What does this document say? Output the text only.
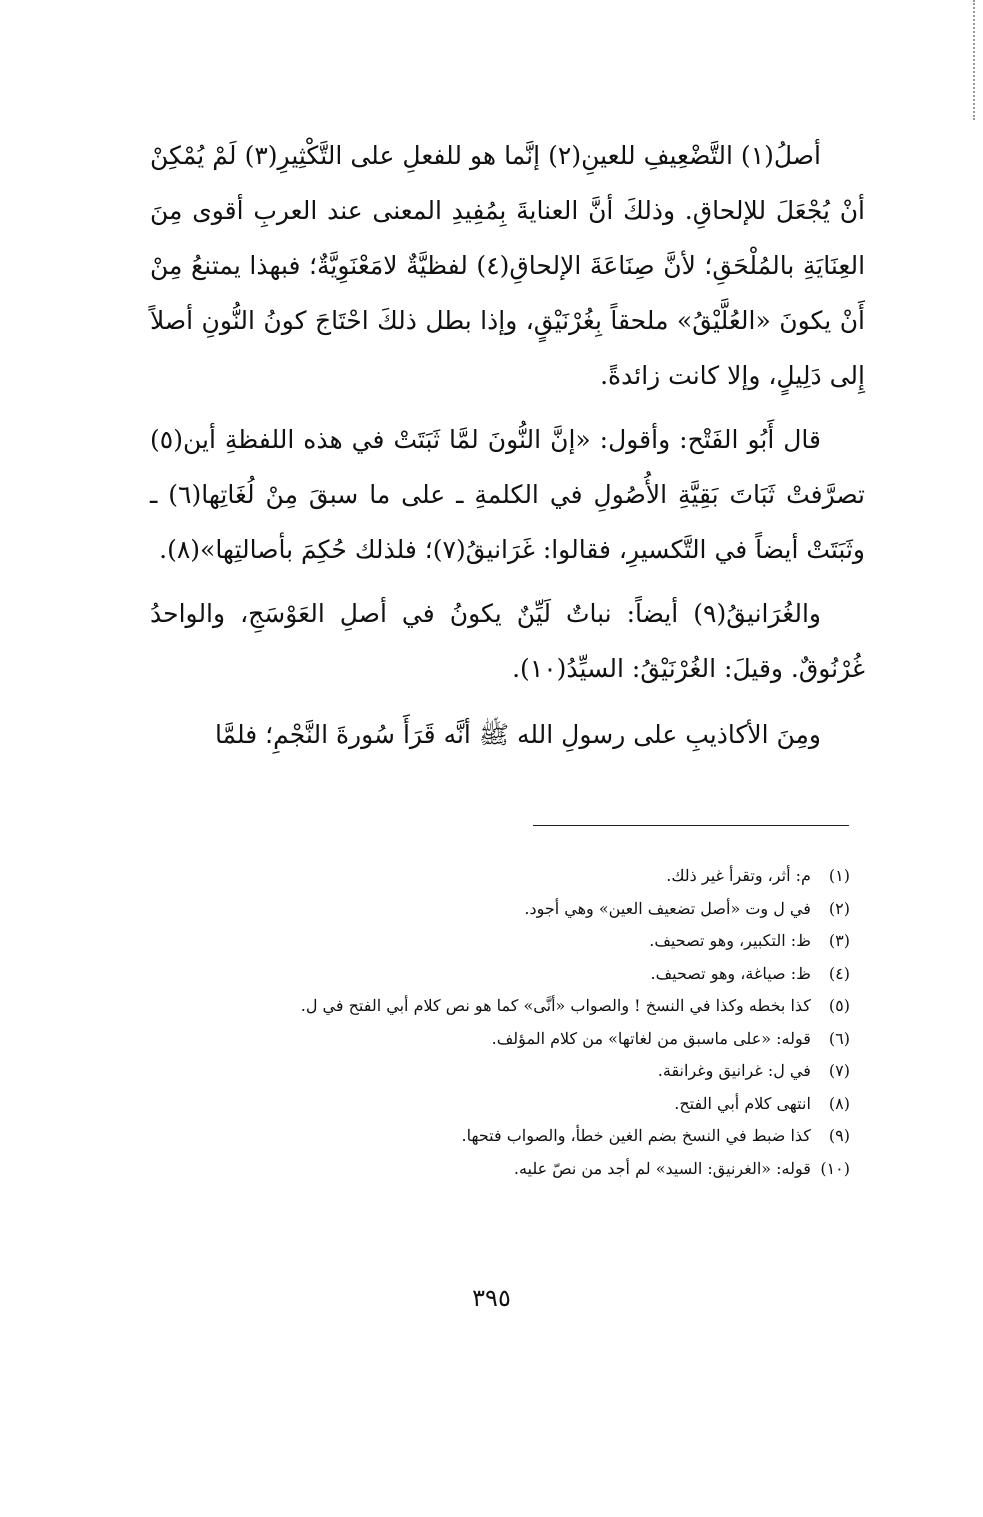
أصلُ(١) التَّضْعِيفِ للعينِ(٢) إنَّما هو للفعلِ على التَّكْثِيرِ(٣) لَمْ يُمْكِنْ أنْ يُجْعَلَ للإلحاقِ. وذلكَ أنَّ العنايةَ بِمُفِيدِ المعنى عند العربِ أقوى مِنَ العِنَايَةِ بالمُلْحَقِ؛ لأنَّ صِنَاعَةَ الإلحاقِ(٤) لفظيَّةٌ لامَعْنَوِيَّةٌ؛ فبهذا يمتنعُ مِنْ أَنْ يكونَ «العُلَّيْقُ» ملحقاً بِغُرْنَيْقٍ، وإذا بطل ذلكَ احْتَاجَ كونُ النُّونِ أصلاً إِلى دَلِيلٍ، وإلا كانت زائدةً.

قال أَبُو الفَتْح: وأقول: «إنَّ النُّونَ لمَّا ثَبَتَتْ في هذه اللفظةِ أين(٥) تصرَّفتْ ثَبَاتَ بَقِيَّةِ الأُصُولِ في الكلمةِ ـ على ما سبقَ مِنْ لُغَاتِها(٦) ـ وثَبَتَتْ أيضاً في التَّكسيرِ، فقالوا: غَرَانيقُ(٧)؛ فلذلك حُكِمَ بأصالتِها»(٨).

والغُرَانيقُ(٩) أيضاً: نباتٌ لَيِّنٌ يكونُ في أصلِ العَوْسَجِ، والواحدُ غُرْنُوقٌ. وقيلَ: الغُرْنَيْقُ: السيِّدُ(١٠).

ومِنَ الأكاذيبِ على رسولِ الله ﷺ أنَّه قَرَأَ سُورةَ النَّجْمِ؛ فلمَّا

(١) م: أثر، وتقرأ غير ذلك.
(٢) في ل وت «أصل تضعيف العين» وهي أجود.
(٣) ظ: التكبير، وهو تصحيف.
(٤) ظ: صياغة، وهو تصحيف.
(٥) كذا بخطه وكذا في النسخ ! والصواب «أنَّى» كما هو نص كلام أبي الفتح في ل.
(٦) قوله: «على ماسبق من لغاتها» من كلام المؤلف.
(٧) في ل: غرانيق وغرانقة.
(٨) انتهى كلام أبي الفتح.
(٩) كذا ضبط في النسخ بضم الغين خطأ، والصواب فتحها.
(١٠) قوله: «الغرنيق: السيد» لم أجد من نصّ عليه.
٣٩٥
